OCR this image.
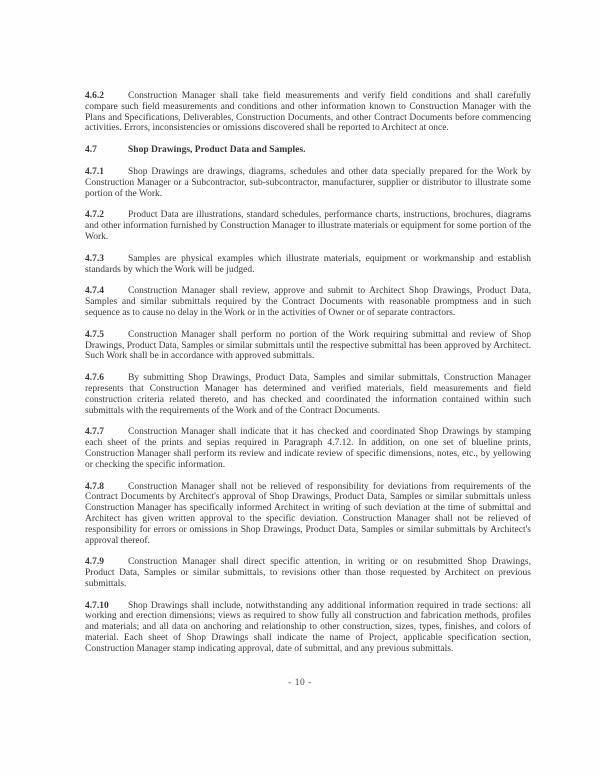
4.6.2	Construction Manager shall take field measurements and verify field conditions and shall carefully compare such field measurements and conditions and other information known to Construction Manager with the Plans and Specifications, Deliverables, Construction Documents, and other Contract Documents before commencing activities. Errors, inconsistencies or omissions discovered shall be reported to Architect at once.

4.7	Shop Drawings, Product Data and Samples.

4.7.1	Shop Drawings are drawings, diagrams, schedules and other data specially prepared for the Work by Construction Manager or a Subcontractor, sub-subcontractor, manufacturer, supplier or distributor to illustrate some portion of the Work.

4.7.2	Product Data are illustrations, standard schedules, performance charts, instructions, brochures, diagrams and other information furnished by Construction Manager to illustrate materials or equipment for some portion of the Work.

4.7.3	Samples are physical examples which illustrate materials, equipment or workmanship and establish standards by which the Work will be judged.

4.7.4	Construction Manager shall review, approve and submit to Architect Shop Drawings, Product Data, Samples and similar submittals required by the Contract Documents with reasonable promptness and in such sequence as to cause no delay in the Work or in the activities of Owner or of separate contractors.

4.7.5	Construction Manager shall perform no portion of the Work requiring submittal and review of Shop Drawings, Product Data, Samples or similar submittals until the respective submittal has been approved by Architect. Such Work shall be in accordance with approved submittals.

4.7.6	By submitting Shop Drawings, Product Data, Samples and similar submittals, Construction Manager represents that Construction Manager has determined and verified materials, field measurements and field construction criteria related thereto, and has checked and coordinated the information contained within such submittals with the requirements of the Work and of the Contract Documents.

4.7.7	Construction Manager shall indicate that it has checked and coordinated Shop Drawings by stamping each sheet of the prints and sepias required in Paragraph 4.7.12. In addition, on one set of blueline prints, Construction Manager shall perform its review and indicate review of specific dimensions, notes, etc., by yellowing or checking the specific information.

4.7.8	Construction Manager shall not be relieved of responsibility for deviations from requirements of the Contract Documents by Architect's approval of Shop Drawings, Product Data, Samples or similar submittals unless Construction Manager has specifically informed Architect in writing of such deviation at the time of submittal and Architect has given written approval to the specific deviation. Construction Manager shall not be relieved of responsibility for errors or omissions in Shop Drawings, Product Data, Samples or similar submittals by Architect's approval thereof.

4.7.9	Construction Manager shall direct specific attention, in writing or on resubmitted Shop Drawings, Product Data, Samples or similar submittals, to revisions other than those requested by Architect on previous submittals.

4.7.10 Shop Drawings shall include, notwithstanding any additional information required in trade sections: all working and erection dimensions; views as required to show fully all construction and fabrication methods, profiles and materials; and all data on anchoring and relationship to other construction, sizes, types, finishes, and colors of material. Each sheet of Shop Drawings shall indicate the name of Project, applicable specification section, Construction Manager stamp indicating approval, date of submittal, and any previous submittals.

- 10 -
